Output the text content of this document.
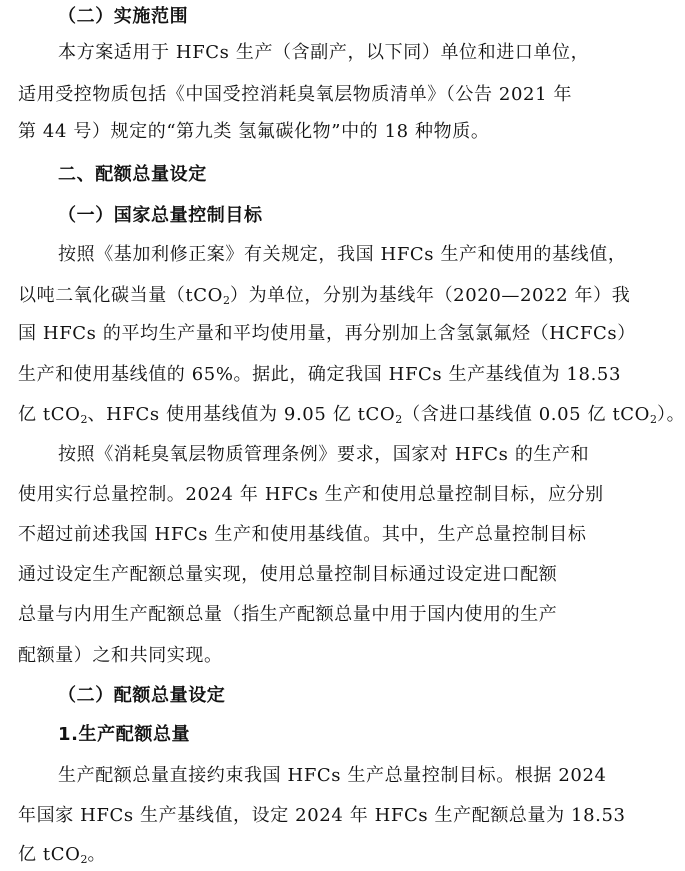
（二）实施范围
本方案适用于 HFCs 生产（含副产，以下同）单位和进口单位，
适用受控物质包括《中国受控消耗臭氧层物质清单》（公告 2021 年
第 44 号）规定的“第九类 氢氟碳化物”中的 18 种物质。
二、配额总量设定
（一）国家总量控制目标
按照《基加利修正案》有关规定，我国 HFCs 生产和使用的基线值，
以吨二氧化碳当量（tCO$_2$）为单位，分别为基线年（2020—2022 年）我
国 HFCs 的平均生产量和平均使用量，再分别加上含氢氯氟烃（HCFCs）
生产和使用基线值的 65%。据此，确定我国 HFCs 生产基线值为 18.53
亿 tCO$_2$、HFCs 使用基线值为 9.05 亿 tCO$_2$（含进口基线值 0.05 亿 tCO$_2$）。
按照《消耗臭氧层物质管理条例》要求，国家对 HFCs 的生产和
使用实行总量控制。2024 年 HFCs 生产和使用总量控制目标，应分别
不超过前述我国 HFCs 生产和使用基线值。其中，生产总量控制目标
通过设定生产配额总量实现，使用总量控制目标通过设定进口配额
总量与内用生产配额总量（指生产配额总量中用于国内使用的生产
配额量）之和共同实现。
（二）配额总量设定
1.生产配额总量
生产配额总量直接约束我国 HFCs 生产总量控制目标。根据 2024
年国家 HFCs 生产基线值，设定 2024 年 HFCs 生产配额总量为 18.53
亿 tCO$_2$。
